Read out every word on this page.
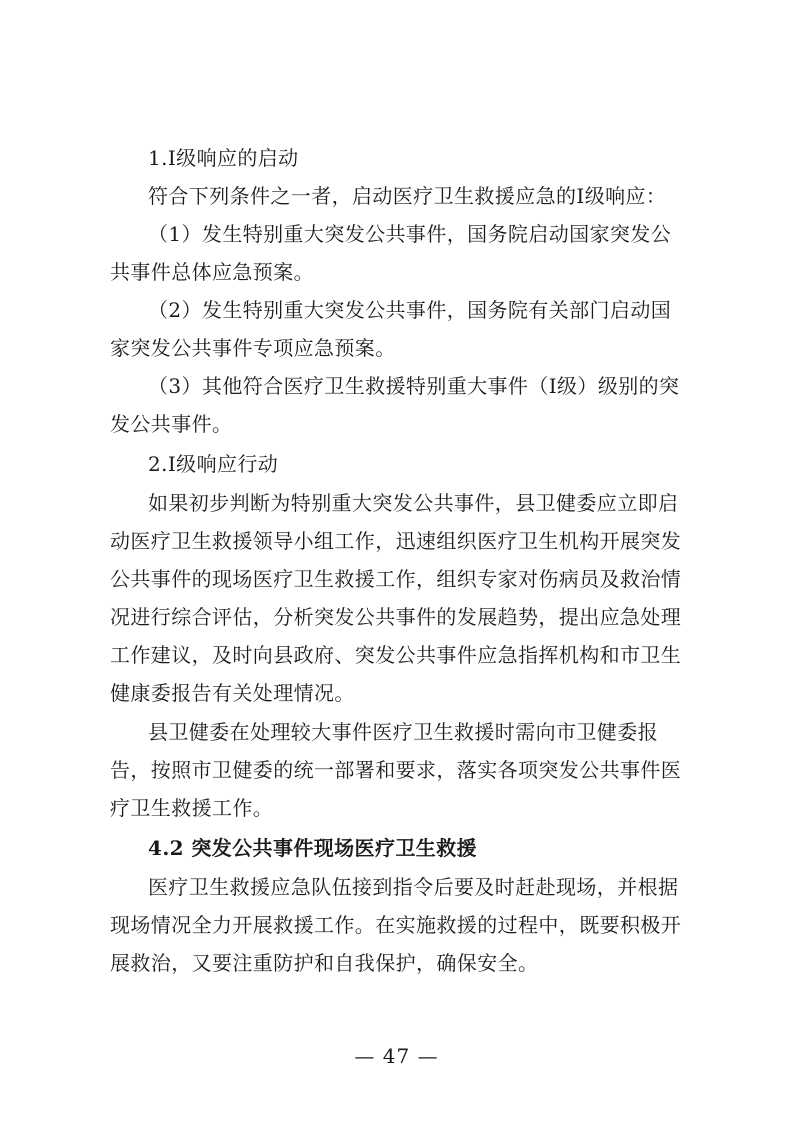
1.I级响应的启动
符合下列条件之一者，启动医疗卫生救援应急的I级响应：
（1）发生特别重大突发公共事件，国务院启动国家突发公
共事件总体应急预案。
（2）发生特别重大突发公共事件，国务院有关部门启动国
家突发公共事件专项应急预案。
（3）其他符合医疗卫生救援特别重大事件（I级）级别的突
发公共事件。
2.I级响应行动
如果初步判断为特别重大突发公共事件，县卫健委应立即启
动医疗卫生救援领导小组工作，迅速组织医疗卫生机构开展突发
公共事件的现场医疗卫生救援工作，组织专家对伤病员及救治情
况进行综合评估，分析突发公共事件的发展趋势，提出应急处理
工作建议，及时向县政府、突发公共事件应急指挥机构和市卫生
健康委报告有关处理情况。
县卫健委在处理较大事件医疗卫生救援时需向市卫健委报
告，按照市卫健委的统一部署和要求，落实各项突发公共事件医
疗卫生救援工作。
4.2 突发公共事件现场医疗卫生救援
医疗卫生救援应急队伍接到指令后要及时赶赴现场，并根据
现场情况全力开展救援工作。在实施救援的过程中，既要积极开
展救治，又要注重防护和自我保护，确保安全。
— 47 —
